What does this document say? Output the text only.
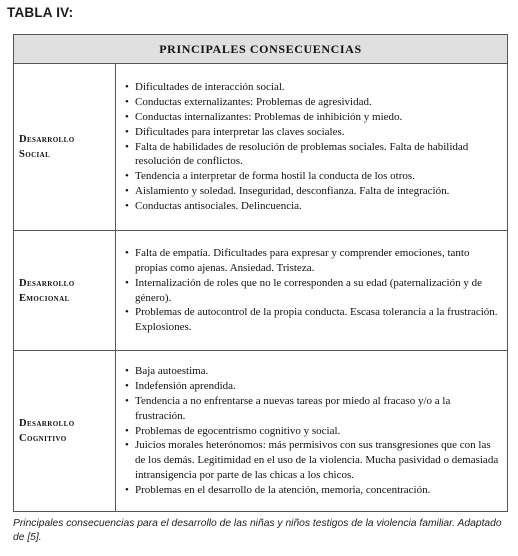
TABLA IV:
PRINCIPALES CONSECUENCIAS
Desarrollo
Social
• Dificultades de interacción social.
• Conductas externalizantes: Problemas de agresividad.
• Conductas internalizantes: Problemas de inhibición y miedo.
• Dificultades para interpretar las claves sociales.
• Falta de habilidades de resolución de problemas sociales. Falta de habilidad resolución de conflictos.
• Tendencia a interpretar de forma hostil la conducta de los otros.
• Aislamiento y soledad. Inseguridad, desconfianza. Falta de integración.
• Conductas antisociales. Delincuencia.
Desarrollo
Emocional
• Falta de empatía. Dificultades para expresar y comprender emociones, tanto propias como ajenas. Ansiedad. Tristeza.
• Internalización de roles que no le corresponden a su edad (paternalización y de género).
• Problemas de autocontrol de la propia conducta. Escasa tolerancia a la frustración. Explosiones.
Desarrollo
Cognitivo
• Baja autoestima.
• Indefensión aprendida.
• Tendencia a no enfrentarse a nuevas tareas por miedo al fracaso y/o a la frustración.
• Problemas de egocentrismo cognitivo y social.
• Juicios morales heterónomos: más permisivos con sus transgresiones que con las de los demás. Legitimidad en el uso de la violencia. Mucha pasividad o demasiada intransigencia por parte de las chicas a los chicos.
• Problemas en el desarrollo de la atención, memoria, concentración.
Principales consecuencias para el desarrollo de las niñas y niños testigos de la violencia familiar. Adaptado de [5].
